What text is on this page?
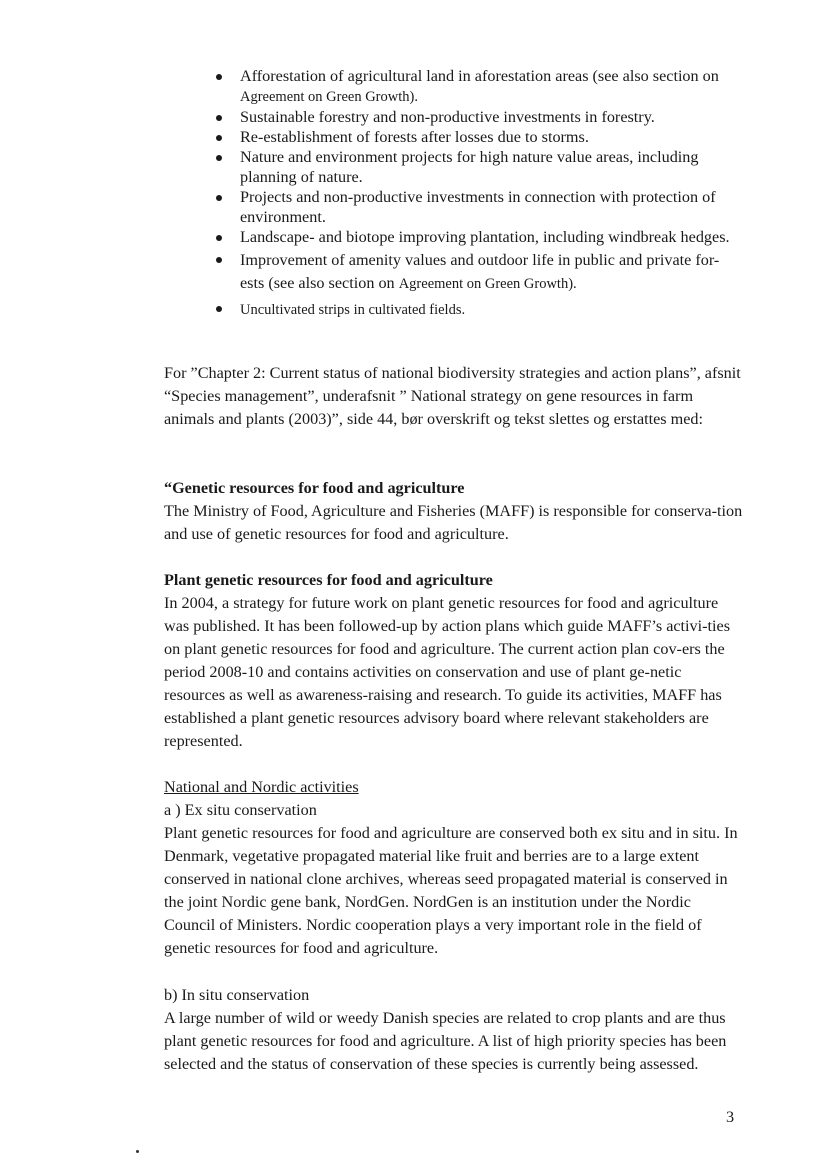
Afforestation of agricultural land in aforestation areas (see also section on
Agreement on Green Growth).
Sustainable forestry and non-productive investments in forestry.
Re-establishment of forests after losses due to storms.
Nature and environment projects for high nature value areas, including planning of nature.
Projects and non-productive investments in connection with protection of environment.
Landscape- and biotope improving plantation, including windbreak hedges.
Improvement of amenity values and outdoor life in public and private for-
ests (see also section on Agreement on Green Growth).
Uncultivated strips in cultivated fields.

For ”Chapter 2: Current status of national biodiversity strategies and action plans”, afsnit “Species management”, underafsnit ” National strategy on gene resources in farm animals and plants (2003)”, side 44, bør overskrift og tekst slettes og erstattes med:

“Genetic resources for food and agriculture
The Ministry of Food, Agriculture and Fisheries (MAFF) is responsible for conserva-tion and use of genetic resources for food and agriculture.
Plant genetic resources for food and agriculture
In 2004, a strategy for future work on plant genetic resources for food and agriculture was published. It has been followed-up by action plans which guide MAFF’s activi-ties on plant genetic resources for food and agriculture. The current action plan cov-ers the period 2008-10 and contains activities on conservation and use of plant ge-netic resources as well as awareness-raising and research. To guide its activities, MAFF has established a plant genetic resources advisory board where relevant stakeholders are represented.
National and Nordic activities
a ) Ex situ conservation
Plant genetic resources for food and agriculture are conserved both ex situ and in situ. In Denmark, vegetative propagated material like fruit and berries are to a large extent conserved in national clone archives, whereas seed propagated material is conserved in the joint Nordic gene bank, NordGen. NordGen is an institution under the Nordic Council of Ministers. Nordic cooperation plays a very important role in the field of genetic resources for food and agriculture.
b) In situ conservation
A large number of wild or weedy Danish species are related to crop plants and are thus plant genetic resources for food and agriculture. A list of high priority species has been selected and the status of conservation of these species is currently being assessed.
3
